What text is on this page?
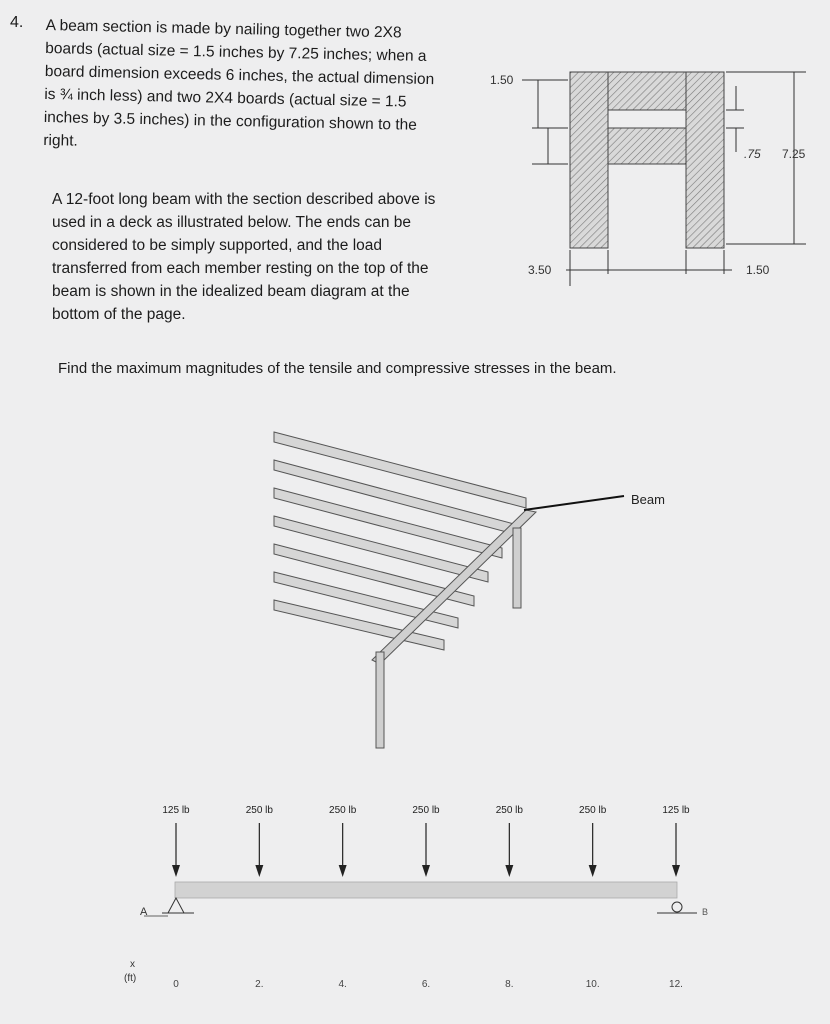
4. A beam section is made by nailing together two 2X8
boards (actual size = 1.5 inches by 7.25 inches; when a
board dimension exceeds 6 inches, the actual dimension
is ¾ inch less) and two 2X4 boards (actual size = 1.5
inches by 3.5 inches) in the configuration shown to the
right.
A 12-foot long beam with the section described above is
used in a deck as illustrated below. The ends can be
considered to be simply supported, and the load
transferred from each member resting on the top of the
beam is shown in the idealized beam diagram at the
bottom of the page.
Find the maximum magnitudes of the tensile and compressive stresses in the beam.
1.50
.75 7.25
3.50	1.50
Beam
125 lb	250 lb	250 lb	250 lb	250 lb	250 lb	125 lb
A	B
x
(ft)
0	2.	4.	6.	8.	10.	12.
